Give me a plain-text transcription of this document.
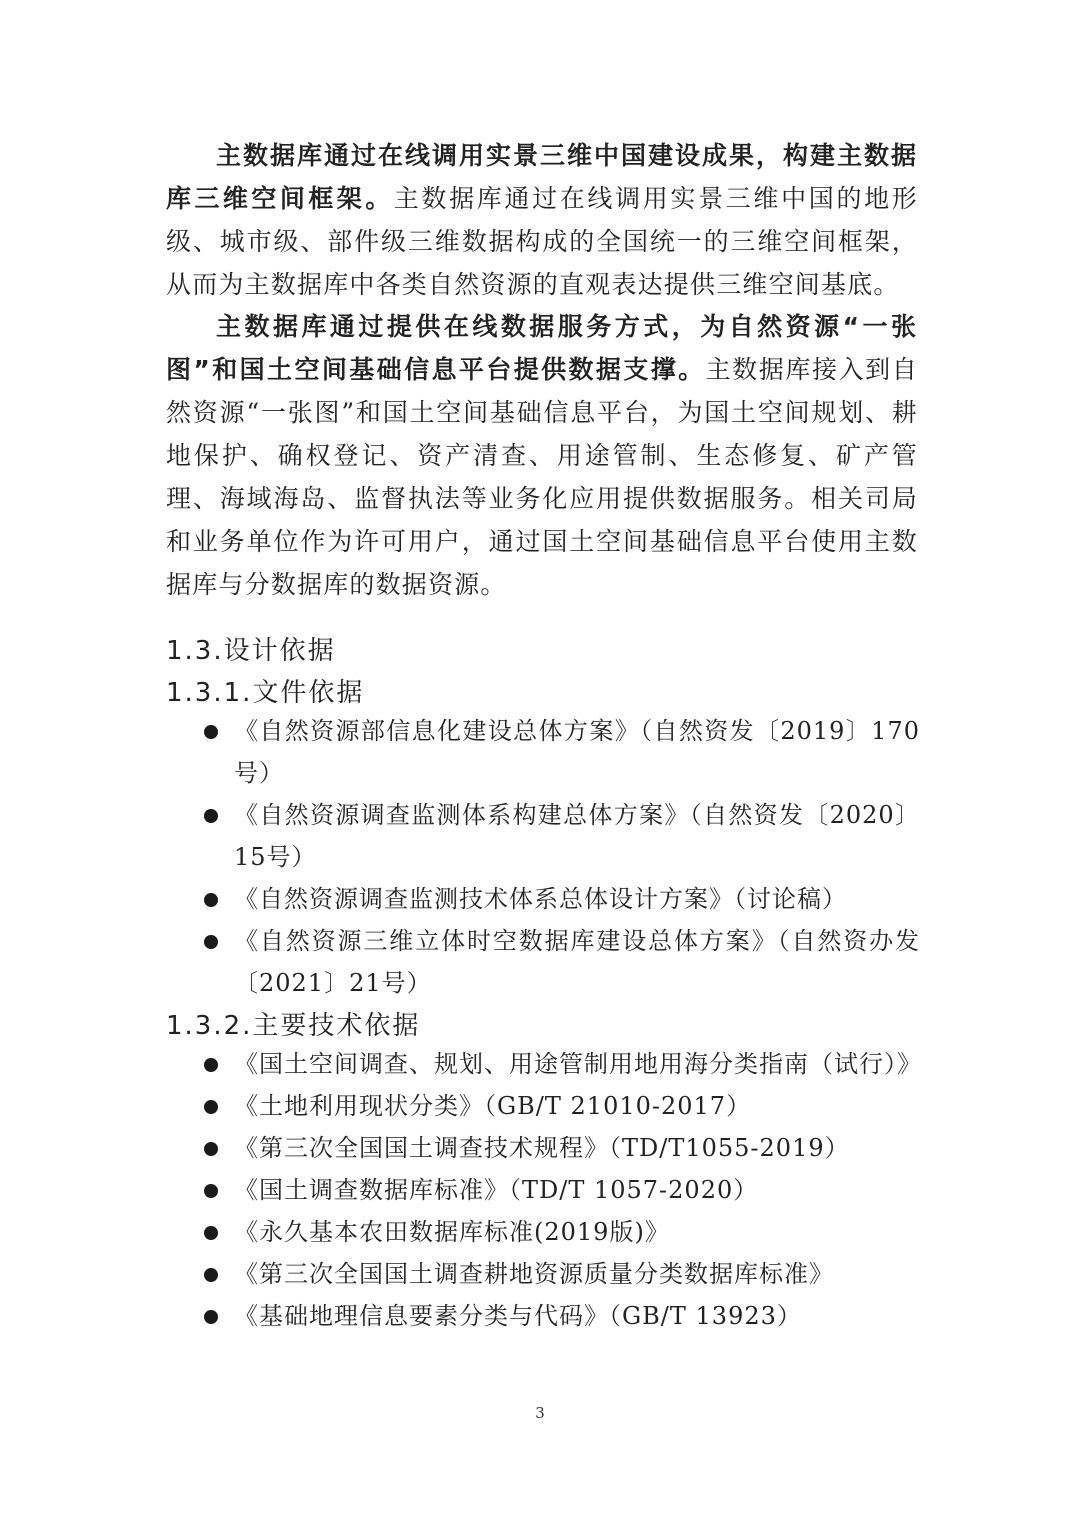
主数据库通过在线调用实景三维中国建设成果，构建主数据库三维空间框架。主数据库通过在线调用实景三维中国的地形级、城市级、部件级三维数据构成的全国统一的三维空间框架，从而为主数据库中各类自然资源的直观表达提供三维空间基底。

主数据库通过提供在线数据服务方式，为自然资源“一张图”和国土空间基础信息平台提供数据支撑。主数据库接入到自然资源“一张图”和国土空间基础信息平台，为国土空间规划、耕地保护、确权登记、资产清查、用途管制、生态修复、矿产管理、海域海岛、监督执法等业务化应用提供数据服务。相关司局和业务单位作为许可用户，通过国土空间基础信息平台使用主数据库与分数据库的数据资源。

1.3.设计依据
1.3.1.文件依据
《自然资源部信息化建设总体方案》（自然资发〔2019〕170号）
《自然资源调查监测体系构建总体方案》（自然资发〔2020〕15号）
《自然资源调查监测技术体系总体设计方案》（讨论稿）
《自然资源三维立体时空数据库建设总体方案》（自然资办发〔2021〕21号）
1.3.2.主要技术依据
《国土空间调查、规划、用途管制用地用海分类指南（试行）》
《土地利用现状分类》（GB/T 21010-2017）
《第三次全国国土调查技术规程》（TD/T1055-2019）
《国土调查数据库标准》（TD/T 1057-2020）
《永久基本农田数据库标准(2019版)》
《第三次全国国土调查耕地资源质量分类数据库标准》
《基础地理信息要素分类与代码》（GB/T 13923）
3
